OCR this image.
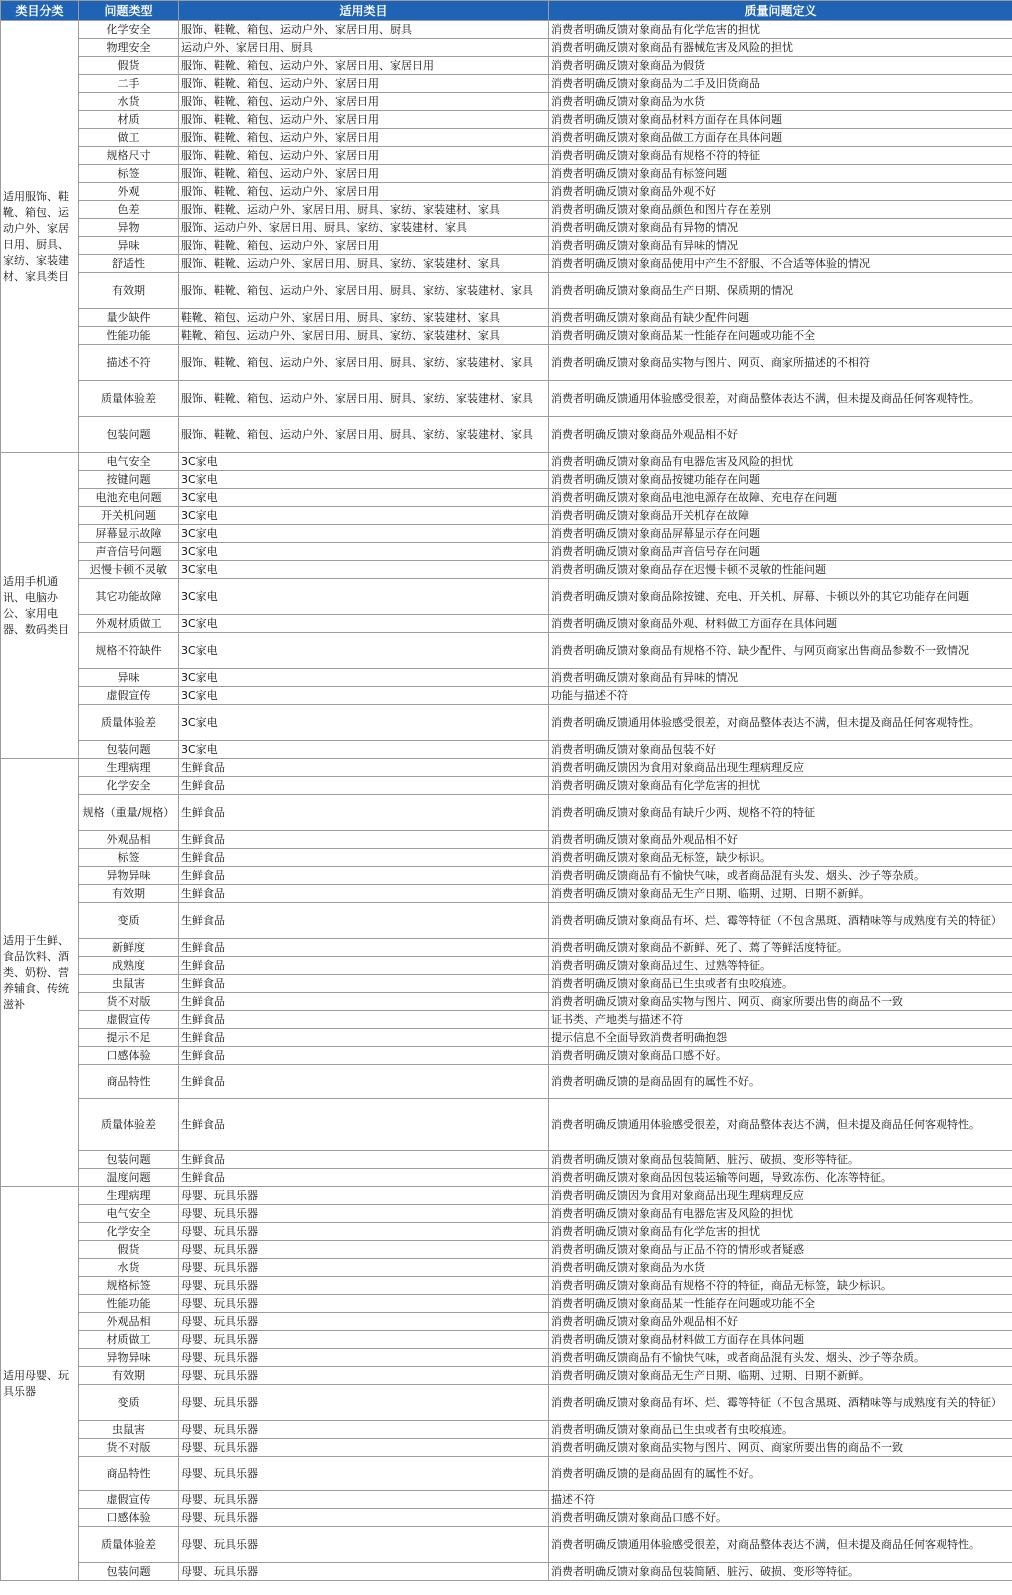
类目分类	问题类型	适用类目	质量问题定义
适用服饰、鞋靴、箱包、运动户外、家居日用、厨具、家纺、家装建材、家具类目	化学安全	服饰、鞋靴、箱包、运动户外、家居日用、厨具	消费者明确反馈对象商品有化学危害的担忧
	物理安全	运动户外、家居日用、厨具	消费者明确反馈对象商品有器械危害及风险的担忧
	假货	服饰、鞋靴、箱包、运动户外、家居日用、家居日用	消费者明确反馈对象商品为假货
	二手	服饰、鞋靴、箱包、运动户外、家居日用	消费者明确反馈对象商品为二手及旧货商品
	水货	服饰、鞋靴、箱包、运动户外、家居日用	消费者明确反馈对象商品为水货
	材质	服饰、鞋靴、箱包、运动户外、家居日用	消费者明确反馈对象商品材料方面存在具体问题
	做工	服饰、鞋靴、箱包、运动户外、家居日用	消费者明确反馈对象商品做工方面存在具体问题
	规格尺寸	服饰、鞋靴、箱包、运动户外、家居日用	消费者明确反馈对象商品有规格不符的特征
	标签	服饰、鞋靴、箱包、运动户外、家居日用	消费者明确反馈对象商品有标签问题
	外观	服饰、鞋靴、箱包、运动户外、家居日用	消费者明确反馈对象商品外观不好
	色差	服饰、鞋靴、运动户外、家居日用、厨具、家纺、家装建材、家具	消费者明确反馈对象商品颜色和图片存在差别
	异物	服饰、运动户外、家居日用、厨具、家纺、家装建材、家具	消费者明确反馈对象商品有异物的情况
	异味	服饰、鞋靴、箱包、运动户外、家居日用	消费者明确反馈对象商品有异味的情况
	舒适性	服饰、鞋靴、运动户外、家居日用、厨具、家纺、家装建材、家具	消费者明确反馈对象商品使用中产生不舒服、不合适等体验的情况
	有效期	服饰、鞋靴、箱包、运动户外、家居日用、厨具、家纺、家装建材、家具	消费者明确反馈对象商品生产日期、保质期的情况
	量少缺件	鞋靴、箱包、运动户外、家居日用、厨具、家纺、家装建材、家具	消费者明确反馈对象商品有缺少配件问题
	性能功能	鞋靴、箱包、运动户外、家居日用、厨具、家纺、家装建材、家具	消费者明确反馈对象商品某一性能存在问题或功能不全
	描述不符	服饰、鞋靴、箱包、运动户外、家居日用、厨具、家纺、家装建材、家具	消费者明确反馈对象商品实物与图片、网页、商家所描述的不相符
	质量体验差	服饰、鞋靴、箱包、运动户外、家居日用、厨具、家纺、家装建材、家具	消费者明确反馈通用体验感受很差，对商品整体表达不满，但未提及商品任何客观特性。
	包装问题	服饰、鞋靴、箱包、运动户外、家居日用、厨具、家纺、家装建材、家具	消费者明确反馈对象商品外观品相不好
适用手机通讯、电脑办公、家用电器、数码类目	电气安全	3C家电	消费者明确反馈对象商品有电器危害及风险的担忧
	按键问题	3C家电	消费者明确反馈对象商品按键功能存在问题
	电池充电问题	3C家电	消费者明确反馈对象商品电池电源存在故障、充电存在问题
	开关机问题	3C家电	消费者明确反馈对象商品开关机存在故障
	屏幕显示故障	3C家电	消费者明确反馈对象商品屏幕显示存在问题
	声音信号问题	3C家电	消费者明确反馈对象商品声音信号存在问题
	迟慢卡顿不灵敏	3C家电	消费者明确反馈对象商品存在迟慢卡顿不灵敏的性能问题
	其它功能故障	3C家电	消费者明确反馈对象商品除按键、充电、开关机、屏幕、卡顿以外的其它功能存在问题
	外观材质做工	3C家电	消费者明确反馈对象商品外观、材料做工方面存在具体问题
	规格不符缺件	3C家电	消费者明确反馈对象商品有规格不符、缺少配件、与网页商家出售商品参数不一致情况
	异味	3C家电	消费者明确反馈对象商品有异味的情况
	虚假宣传	3C家电	功能与描述不符
	质量体验差	3C家电	消费者明确反馈通用体验感受很差，对商品整体表达不满，但未提及商品任何客观特性。
	包装问题	3C家电	消费者明确反馈对象商品包装不好
适用于生鲜、食品饮料、酒类、奶粉、营养辅食、传统滋补	生理病理	生鲜食品	消费者明确反馈因为食用对象商品出现生理病理反应
	化学安全	生鲜食品	消费者明确反馈对象商品有化学危害的担忧
	规格（重量/规格）	生鲜食品	消费者明确反馈对象商品有缺斤少两、规格不符的特征
	外观品相	生鲜食品	消费者明确反馈对象商品外观品相不好
	标签	生鲜食品	消费者明确反馈对象商品无标签，缺少标识。
	异物异味	生鲜食品	消费者明确反馈商品有不愉快气味，或者商品混有头发、烟头、沙子等杂质。
	有效期	生鲜食品	消费者明确反馈对象商品无生产日期、临期、过期、日期不新鲜。
	变质	生鲜食品	消费者明确反馈对象商品有坏、烂、霉等特征（不包含黑斑、酒精味等与成熟度有关的特征）
	新鲜度	生鲜食品	消费者明确反馈对象商品不新鲜、死了、蔫了等鲜活度特征。
	成熟度	生鲜食品	消费者明确反馈对象商品过生、过熟等特征。
	虫鼠害	生鲜食品	消费者明确反馈对象商品已生虫或者有虫咬痕迹。
	货不对版	生鲜食品	消费者明确反馈对象商品实物与图片、网页、商家所要出售的商品不一致
	虚假宣传	生鲜食品	证书类、产地类与描述不符
	提示不足	生鲜食品	提示信息不全面导致消费者明确抱怨
	口感体验	生鲜食品	消费者明确反馈对象商品口感不好。
	商品特性	生鲜食品	消费者明确反馈的是商品固有的属性不好。
	质量体验差	生鲜食品	消费者明确反馈通用体验感受很差，对商品整体表达不满，但未提及商品任何客观特性。
	包装问题	生鲜食品	消费者明确反馈对象商品包装简陋、脏污、破损、变形等特征。
	温度问题	生鲜食品	消费者明确反馈对象商品因包装运输等问题，导致冻伤、化冻等特征。
适用母婴、玩具乐器	生理病理	母婴、玩具乐器	消费者明确反馈因为食用对象商品出现生理病理反应
	电气安全	母婴、玩具乐器	消费者明确反馈对象商品有电器危害及风险的担忧
	化学安全	母婴、玩具乐器	消费者明确反馈对象商品有化学危害的担忧
	假货	母婴、玩具乐器	消费者明确反馈对象商品与正品不符的情形或者疑惑
	水货	母婴、玩具乐器	消费者明确反馈对象商品为水货
	规格标签	母婴、玩具乐器	消费者明确反馈对象商品有规格不符的特征，商品无标签，缺少标识。
	性能功能	母婴、玩具乐器	消费者明确反馈对象商品某一性能存在问题或功能不全
	外观品相	母婴、玩具乐器	消费者明确反馈对象商品外观品相不好
	材质做工	母婴、玩具乐器	消费者明确反馈对象商品材料做工方面存在具体问题
	异物异味	母婴、玩具乐器	消费者明确反馈商品有不愉快气味，或者商品混有头发、烟头、沙子等杂质。
	有效期	母婴、玩具乐器	消费者明确反馈对象商品无生产日期、临期、过期、日期不新鲜。
	变质	母婴、玩具乐器	消费者明确反馈对象商品有坏、烂、霉等特征（不包含黑斑、酒精味等与成熟度有关的特征）
	虫鼠害	母婴、玩具乐器	消费者明确反馈对象商品已生虫或者有虫咬痕迹。
	货不对版	母婴、玩具乐器	消费者明确反馈对象商品实物与图片、网页、商家所要出售的商品不一致
	商品特性	母婴、玩具乐器	消费者明确反馈的是商品固有的属性不好。
	虚假宣传	母婴、玩具乐器	描述不符
	口感体验	母婴、玩具乐器	消费者明确反馈对象商品口感不好。
	质量体验差	母婴、玩具乐器	消费者明确反馈通用体验感受很差，对商品整体表达不满，但未提及商品任何客观特性。
	包装问题	母婴、玩具乐器	消费者明确反馈对象商品包装简陋、脏污、破损、变形等特征。
